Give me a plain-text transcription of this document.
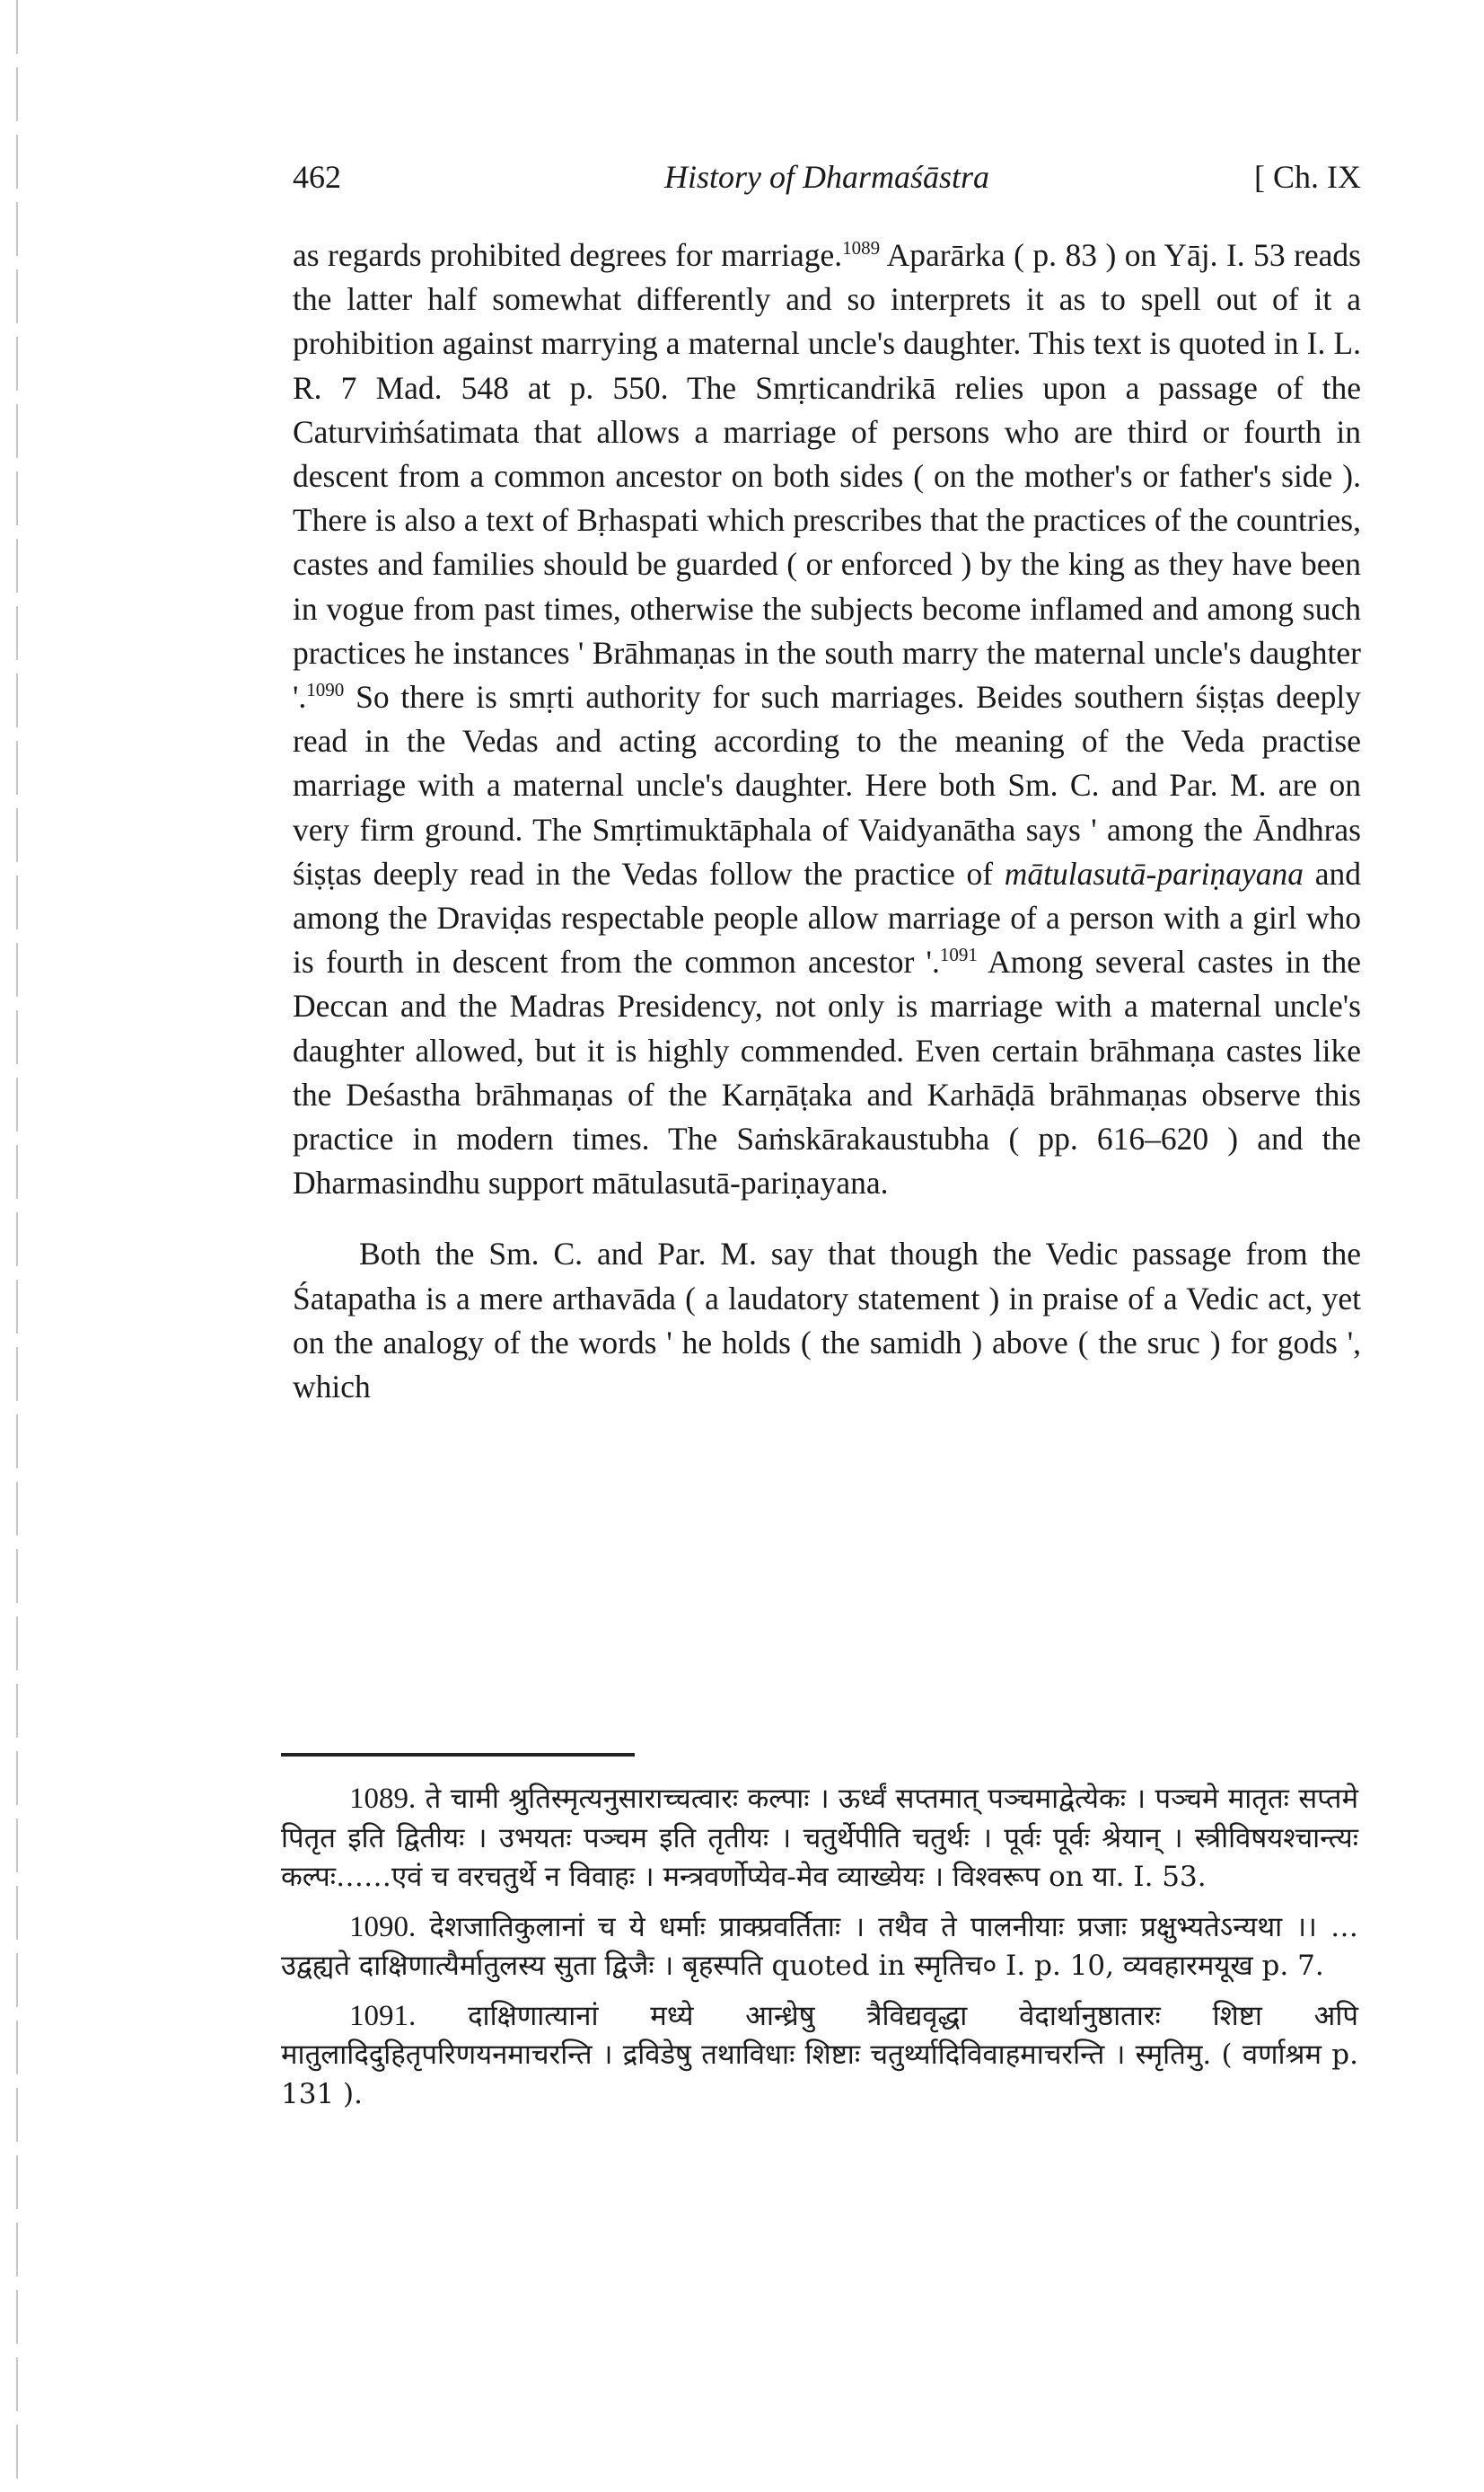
462	History of Dharmaśāstra	[ Ch. IX

as regards prohibited degrees for marriage.$^{1089}$ Aparārka ( p. 83 ) on Yāj. I. 53 reads the latter half somewhat differently and so interprets it as to spell out of it a prohibition against marrying a maternal uncle's daughter. This text is quoted in I. L. R. 7 Mad. 548 at p. 550. The Smṛticandrikā relies upon a passage of the Caturviṁśatimata that allows a marriage of persons who are third or fourth in descent from a common ancestor on both sides ( on the mother's or father's side ). There is also a text of Bṛhaspati which prescribes that the practices of the countries, castes and families should be guarded ( or enforced ) by the king as they have been in vogue from past times, otherwise the subjects become inflamed and among such practices he instances ' Brāhmaṇas in the south marry the maternal uncle's daughter '.$^{1090}$ So there is smṛti authority for such marriages. Beides southern śiṣṭas deeply read in the Vedas and acting according to the meaning of the Veda practise marriage with a maternal uncle's daughter. Here both Sm. C. and Par. M. are on very firm ground. The Smṛtimuktāphala of Vaidyanātha says ' among the Āndhras śiṣṭas deeply read in the Vedas follow the practice of mātulasutā-pariṇayana and among the Draviḍas respectable people allow marriage of a person with a girl who is fourth in descent from the common ancestor '.$^{1091}$ Among several castes in the Deccan and the Madras Presidency, not only is marriage with a maternal uncle's daughter allowed, but it is highly commended. Even certain brāhmaṇa castes like the Deśastha brāhmaṇas of the Karṇāṭaka and Karhāḍā brāhmaṇas observe this practice in modern times. The Saṁskārakaustubha ( pp. 616–620 ) and the Dharmasindhu support mātulasutā-pariṇayana.

Both the Sm. C. and Par. M. say that though the Vedic passage from the Śatapatha is a mere arthavāda ( a laudatory statement ) in praise of a Vedic act, yet on the analogy of the words ' he holds ( the samidh ) above ( the sruc ) for gods ', which

1089. ते चामी श्रुतिस्मृत्यनुसाराच्चत्वारः कल्पाः । ऊर्ध्वं सप्तमात् पञ्चमाद्वेत्येकः । पञ्चमे मातृतः सप्तमे पितृत इति द्वितीयः । उभयतः पञ्चम इति तृतीयः । चतुर्थेपीति चतुर्थः । पूर्वः पूर्वः श्रेयान् । स्त्रीविषयश्चान्त्यः कल्पः……एवं च वरचतुर्थे न विवाहः । मन्त्रवर्णोप्येव-मेव व्याख्येयः । विश्वरूप on या. I. 53.

1090. देशजातिकुलानां च ये धर्माः प्राक्प्रवर्तिताः । तथैव ते पालनीयाः प्रजाः प्रक्षुभ्यतेऽन्यथा ।। … उद्वह्यते दाक्षिणात्यैर्मातुलस्य सुता द्विजैः । बृहस्पति quoted in स्मृतिच० I. p. 10, व्यवहारमयूख p. 7.

1091. दाक्षिणात्यानां मध्ये आन्ध्रेषु त्रैविद्यवृद्धा वेदार्थानुष्ठातारः शिष्टा अपि मातुलादिदुहितृपरिणयनमाचरन्ति । द्रविडेषु तथाविधाः शिष्टाः चतुर्थ्यादिविवाहमाचरन्ति । स्मृतिमु. ( वर्णाश्रम p. 131 ).
